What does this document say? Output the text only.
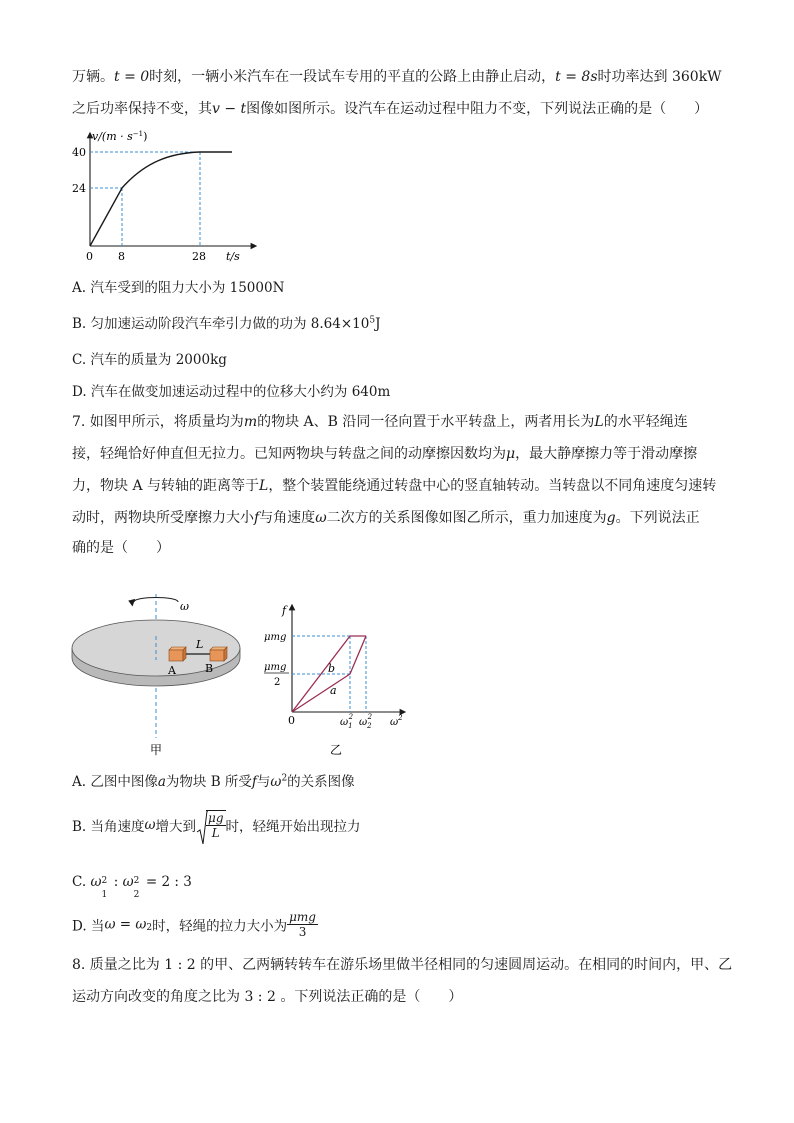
万辆。t = 0时刻，一辆小米汽车在一段试车专用的平直的公路上由静止启动，t = 8s时功率达到 360kW
之后功率保持不变，其v − t图像如图所示。设汽车在运动过程中阻力不变，下列说法正确的是（　　）
$v/(m \cdot s^{-1})$
40
24
0 8	28 t/s
A. 汽车受到的阻力大小为 15000N
B. 匀加速运动阶段汽车牵引力做的功为 $8.64\times 10^5J$
C. 汽车的质量为 2000kg
D. 汽车在做变加速运动过程中的位移大小约为 640m
7. 如图甲所示，将质量均为m的物块 A、B 沿同一径向置于水平转盘上，两者用长为L的水平轻绳连
接，轻绳恰好伸直但无拉力。已知两物块与转盘之间的动摩擦因数均为μ，最大静摩擦力等于滑动摩擦
力，物块 A 与转轴的距离等于L，整个装置能绕通过转盘中心的竖直轴转动。当转盘以不同角速度匀速转
动时，两物块所受摩擦力大小f与角速度ω二次方的关系图像如图乙所示，重力加速度为g。下列说法正
确的是（　　）
ω
L
A	B
甲
f
μmg
μmg
2
0
b
a
$\omega_12$ $\omega_22$ $\omega^2$
乙
A. 乙图中图像a为物块 B 所受f与$\omega^2$的关系图像
B. 当角速度ω增大到 $\frac{\mu g}{L}$ 时，轻绳开始出现拉力
C. ω 2
1
: ω 2
2
= 2 : 3
D. 当$\omega = \omega_2$时，轻绳的拉力大小为 $\frac{\text{μmg}}{3}$
8. 质量之比为 1 : 2 的甲、乙两辆转转车在游乐场里做半径相同的匀速圆周运动。在相同的时间内，甲、乙
运动方向改变的角度之比为 3 : 2 。下列说法正确的是（　　）
